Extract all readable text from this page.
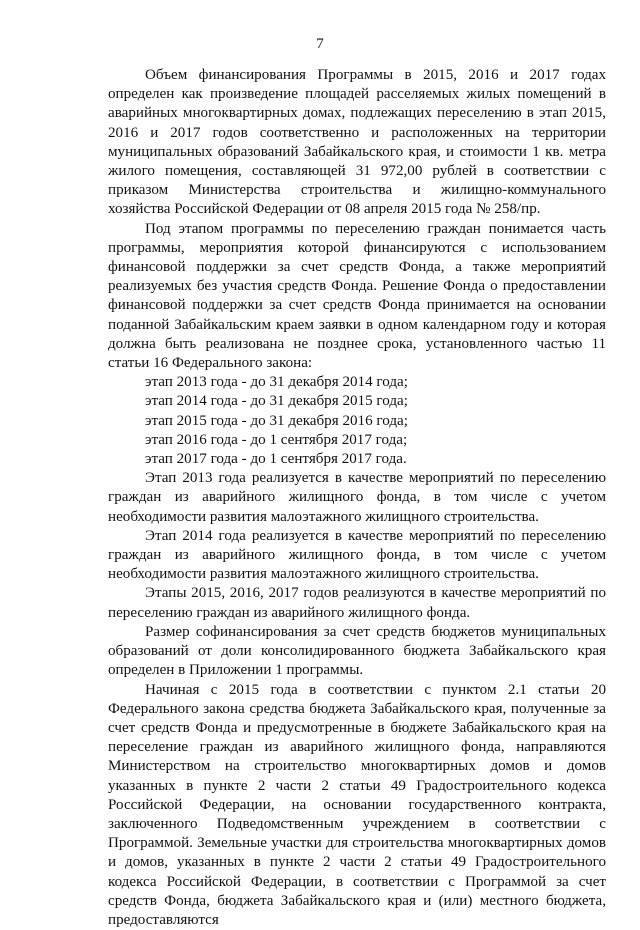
7

Объем финансирования Программы в 2015, 2016 и 2017 годах определен как произведение площадей расселяемых жилых помещений в аварийных многоквартирных домах, подлежащих переселению в этап 2015, 2016 и 2017 годов соответственно и расположенных на территории муниципальных образований Забайкальского края, и стоимости 1 кв. метра жилого помещения, составляющей 31 972,00 рублей в соответствии с приказом Министерства строительства и жилищно-коммунального хозяйства Российской Федерации от 08 апреля 2015 года № 258/пр.

Под этапом программы по переселению граждан понимается часть программы, мероприятия которой финансируются с использованием финансовой поддержки за счет средств Фонда, а также мероприятий реализуемых без участия средств Фонда. Решение Фонда о предоставлении финансовой поддержки за счет средств Фонда принимается на основании поданной Забайкальским краем заявки в одном календарном году и которая должна быть реализована не позднее срока, установленного частью 11 статьи 16 Федерального закона:

этап 2013 года - до 31 декабря 2014 года;

этап 2014 года - до 31 декабря 2015 года;

этап 2015 года - до 31 декабря 2016 года;

этап 2016 года - до 1 сентября 2017 года;

этап 2017 года - до 1 сентября 2017 года.

Этап 2013 года реализуется в качестве мероприятий по переселению граждан из аварийного жилищного фонда, в том числе с учетом необходимости развития малоэтажного жилищного строительства.

Этап 2014 года реализуется в качестве мероприятий по переселению граждан из аварийного жилищного фонда, в том числе с учетом необходимости развития малоэтажного жилищного строительства.

Этапы 2015, 2016, 2017 годов реализуются в качестве мероприятий по переселению граждан из аварийного жилищного фонда.

Размер софинансирования за счет средств бюджетов муниципальных образований от доли консолидированного бюджета Забайкальского края определен в Приложении 1 программы.

Начиная с 2015 года в соответствии с пунктом 2.1 статьи 20 Федерального закона средства бюджета Забайкальского края, полученные за счет средств Фонда и предусмотренные в бюджете Забайкальского края на переселение граждан из аварийного жилищного фонда, направляются Министерством на строительство многоквартирных домов и домов указанных в пункте 2 части 2 статьи 49 Градостроительного кодекса Российской Федерации, на основании государственного контракта, заключенного Подведомственным учреждением в соответствии с Программой. Земельные участки для строительства многоквартирных домов и домов, указанных в пункте 2 части 2 статьи 49 Градостроительного кодекса Российской Федерации, в соответствии с Программой за счет средств Фонда, бюджета Забайкальского края и (или) местного бюджета, предоставляются
